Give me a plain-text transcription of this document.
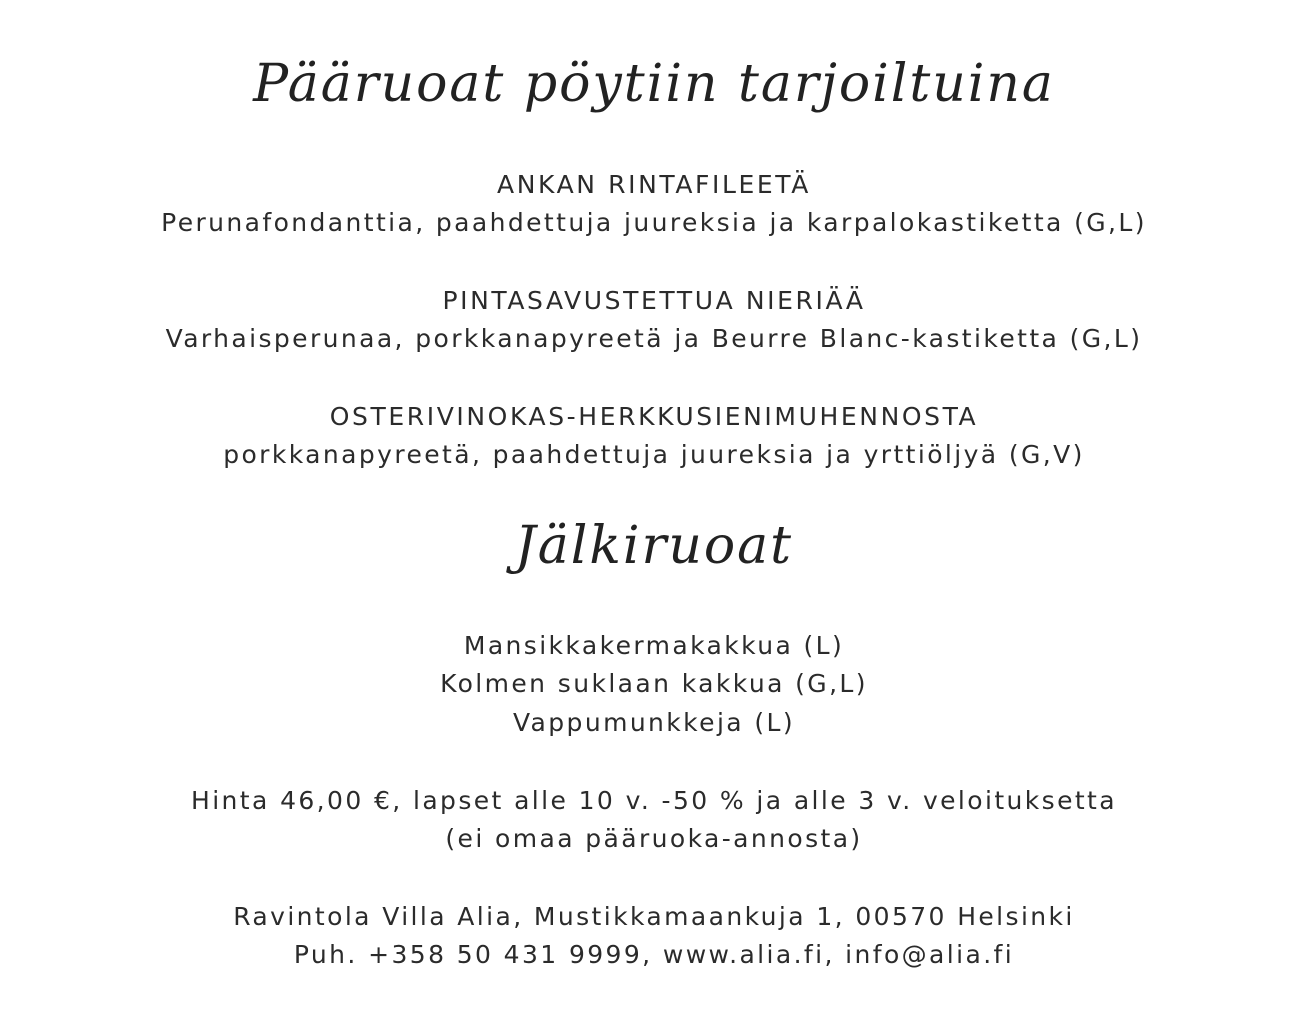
Pääruoat pöytiin tarjoiltuina
ANKAN RINTAFILEETÄ
Perunafondanttia, paahdettuja juureksia ja karpalokastiketta (G,L)
PINTASAVUSTETTUA NIERIÄÄ
Varhaisperunaa, porkkanapyreetä ja Beurre Blanc-kastiketta (G,L)
OSTERIVINOKAS-HERKKUSIENIMUHENNOSTA
porkkanapyreetä, paahdettuja juureksia ja yrttiöljyä (G,V)
Jälkiruoat
Mansikkakermakakkua (L)
Kolmen suklaan kakkua (G,L)
Vappumunkkeja (L)
Hinta 46,00 €, lapset alle 10 v. -50 % ja alle 3 v. veloituksetta
(ei omaa pääruoka-annosta)
Ravintola Villa Alia, Mustikkamaankuja 1, 00570 Helsinki
Puh. +358 50 431 9999, www.alia.fi, info@alia.fi
